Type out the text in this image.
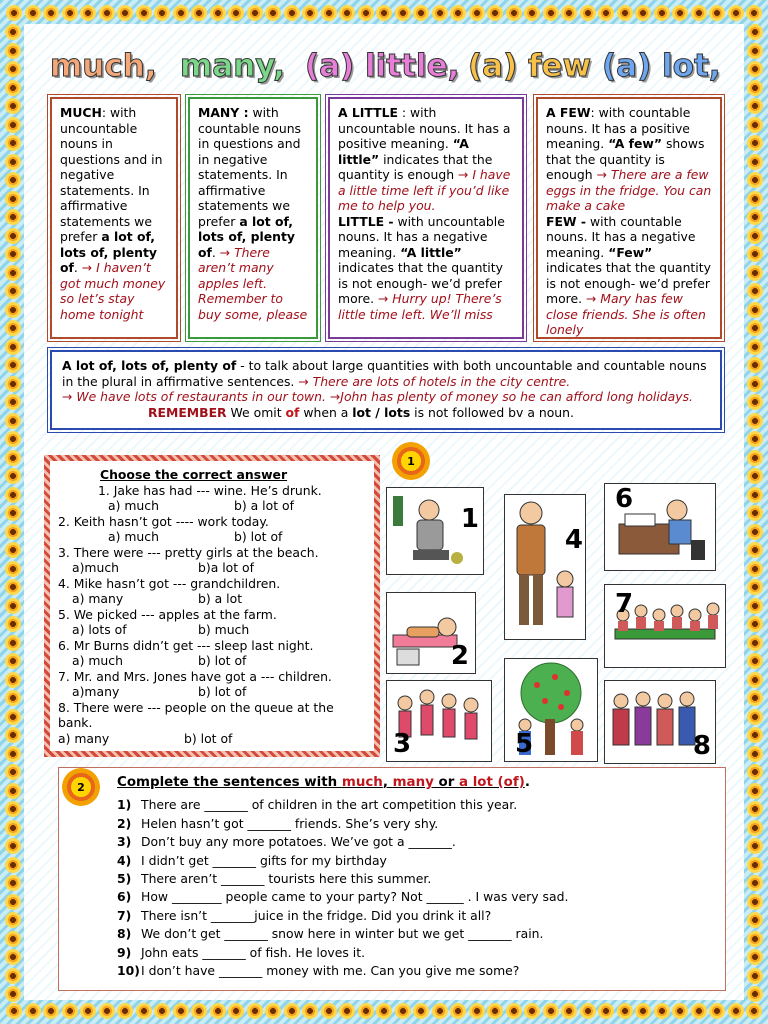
much, many, (a) little, (a) few (a) lot,
MUCH: with uncountable nouns in questions and in negative statements. In affirmative statements we prefer a lot of, lots of, plenty of. → I haven’t got much money so let’s stay home tonight
MANY : with countable nouns in questions and in negative statements. In affirmative statements we prefer a lot of, lots of, plenty of. → There aren’t many apples left. Remember to buy some, please
A LITTLE : with uncountable nouns. It has a positive meaning. “A little” indicates that the quantity is enough → I have a little time left if you’d like me to help you.
LITTLE - with uncountable nouns. It has a negative meaning. “A little” indicates that the quantity is not enough- we’d prefer more. → Hurry up! There’s little time left. We’ll miss
A FEW: with countable nouns. It has a positive meaning. “A few” shows that the quantity is enough → There are a few eggs in the fridge. You can make a cake
FEW - with countable nouns. It has a negative meaning. “Few” indicates that the quantity is not enough- we’d prefer more. → Mary has few close friends. She is often lonely
A lot of, lots of, plenty of - to talk about large quantities with both uncountable and countable nouns in the plural in affirmative sentences. → There are lots of hotels in the city centre.
→ We have lots of restaurants in our town. →John has plenty of money so he can afford long holidays.
REMEMBER We omit of when a lot / lots is not followed bv a noun.
1
Choose the correct answer
1. Jake has had --- wine. He’s drunk.
a) much	b) a lot of
2. Keith hasn’t got ---- work today.
a) much	b) lot of
3. There were --- pretty girls at the beach.
a)much	b)a lot of
4. Mike hasn’t got --- grandchildren.
a) many	b) a lot
5. We picked --- apples at the farm.
a) lots of	b) much
6. Mr Burns didn’t get --- sleep last night.
a) much	b) lot of
7. Mr. and Mrs. Jones have got a --- children.
a)many	b) lot of
8. There were --- people on the queue at the bank.
a) many	b) lot of
1
2
3
4
5
6
7
8
Complete the sentences with much, many or a lot (of).
1) There are _______ of children in the art competition this year.
2) Helen hasn’t got _______ friends. She’s very shy.
3) Don’t buy any more potatoes. We’ve got a _______.
4) I didn’t get _______ gifts for my birthday
5) There aren’t _______ tourists here this summer.
6) How ________ people came to your party? Not ______ . I was very sad.
7) There isn’t _______juice in the fridge. Did you drink it all?
8) We don’t get _______ snow here in winter but we get _______ rain.
9) John eats _______ of fish. He loves it.
10) I don’t have _______ money with me. Can you give me some?
2
